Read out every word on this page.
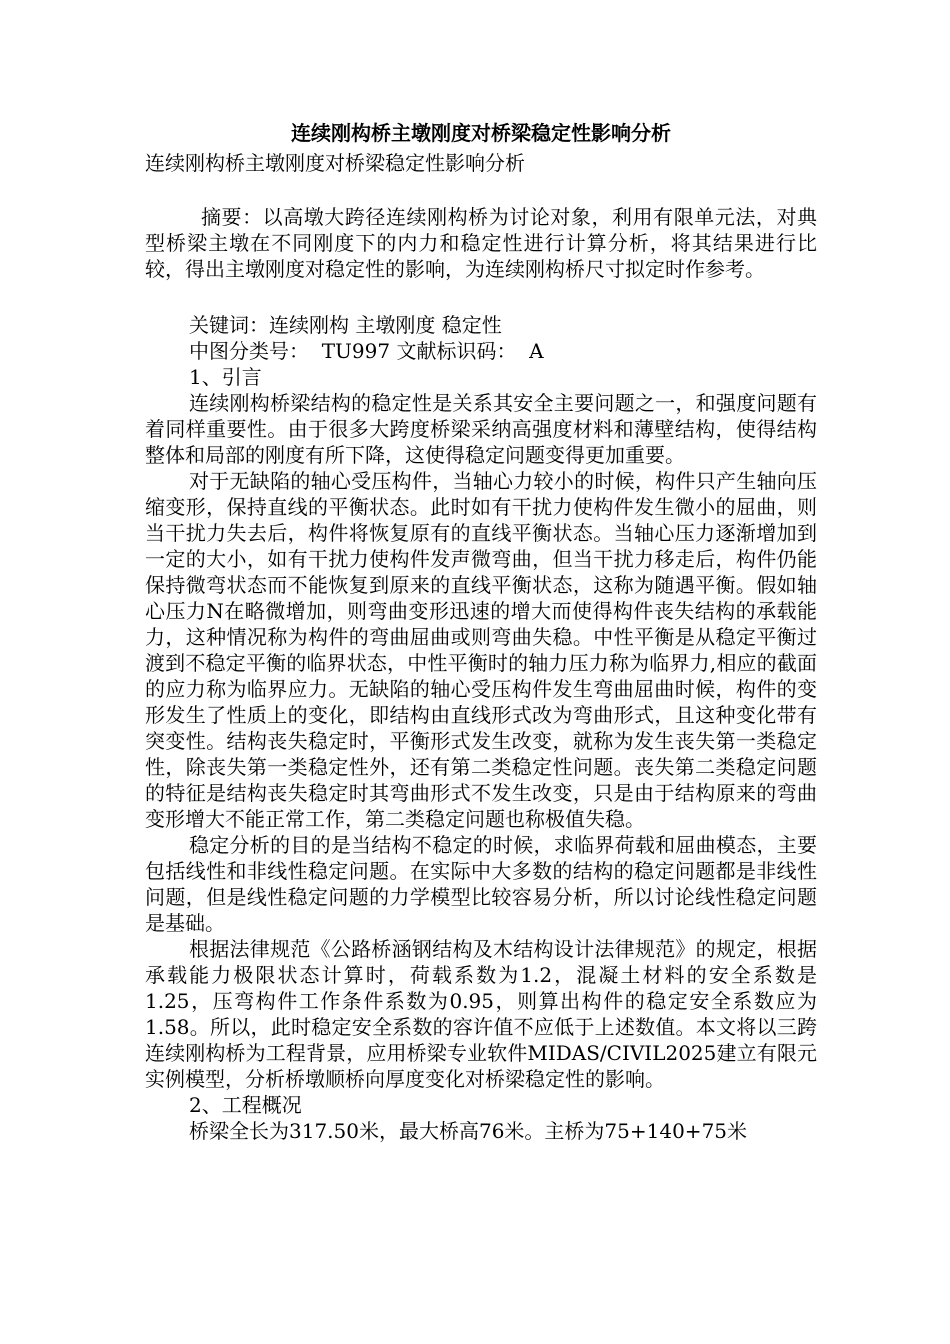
连续刚构桥主墩刚度对桥梁稳定性影响分析
连续刚构桥主墩刚度对桥梁稳定性影响分析

摘要：以高墩大跨径连续刚构桥为讨论对象，利用有限单元法，对典型桥梁主墩在不同刚度下的内力和稳定性进行计算分析，将其结果进行比较，得出主墩刚度对稳定性的影响，为连续刚构桥尺寸拟定时作参考。

关键词：连续刚构 主墩刚度 稳定性

中图分类号：  TU997 文献标识码：  A

1、引言

连续刚构桥梁结构的稳定性是关系其安全主要问题之一，和强度问题有着同样重要性。由于很多大跨度桥梁采纳高强度材料和薄壁结构，使得结构整体和局部的刚度有所下降，这使得稳定问题变得更加重要。

对于无缺陷的轴心受压构件，当轴心力较小的时候，构件只产生轴向压缩变形，保持直线的平衡状态。此时如有干扰力使构件发生微小的屈曲，则当干扰力失去后，构件将恢复原有的直线平衡状态。当轴心压力逐渐增加到一定的大小，如有干扰力使构件发声微弯曲，但当干扰力移走后，构件仍能保持微弯状态而不能恢复到原来的直线平衡状态，这称为随遇平衡。假如轴心压力N在略微增加，则弯曲变形迅速的增大而使得构件丧失结构的承载能力，这种情况称为构件的弯曲屈曲或则弯曲失稳。中性平衡是从稳定平衡过渡到不稳定平衡的临界状态，中性平衡时的轴力压力称为临界力,相应的截面的应力称为临界应力。无缺陷的轴心受压构件发生弯曲屈曲时候，构件的变形发生了性质上的变化，即结构由直线形式改为弯曲形式，且这种变化带有突变性。结构丧失稳定时，平衡形式发生改变，就称为发生丧失第一类稳定性，除丧失第一类稳定性外，还有第二类稳定性问题。丧失第二类稳定问题的特征是结构丧失稳定时其弯曲形式不发生改变，只是由于结构原来的弯曲变形增大不能正常工作，第二类稳定问题也称极值失稳。

稳定分析的目的是当结构不稳定的时候，求临界荷载和屈曲模态，主要包括线性和非线性稳定问题。在实际中大多数的结构的稳定问题都是非线性问题，但是线性稳定问题的力学模型比较容易分析，所以讨论线性稳定问题是基础。

根据法律规范《公路桥涵钢结构及木结构设计法律规范》的规定，根据承载能力极限状态计算时，荷载系数为1.2，混凝土材料的安全系数是1.25，压弯构件工作条件系数为0.95，则算出构件的稳定安全系数应为1.58。所以，此时稳定安全系数的容许值不应低于上述数值。本文将以三跨连续刚构桥为工程背景，应用桥梁专业软件MIDAS/CIVIL2025建立有限元实例模型，分析桥墩顺桥向厚度变化对桥梁稳定性的影响。

2、工程概况

桥梁全长为317.50米，最大桥高76米。主桥为75+140+75米
